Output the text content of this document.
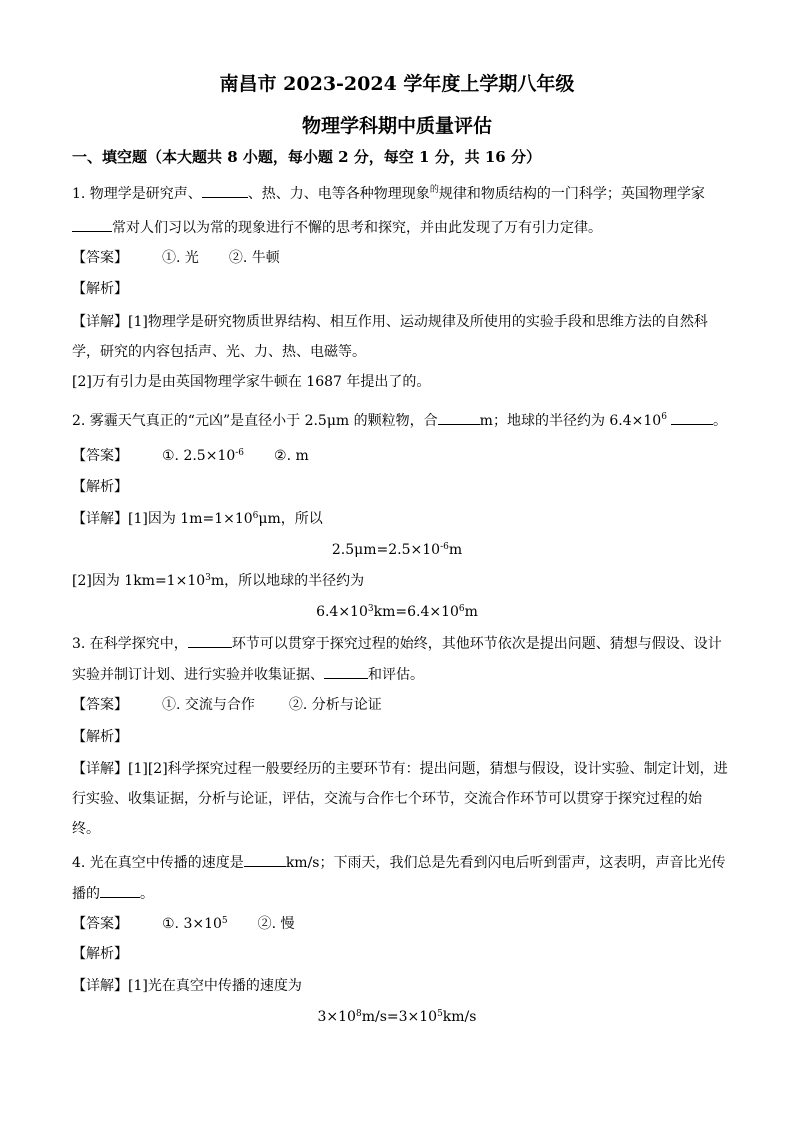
南昌市 2023-2024 学年度上学期八年级
物理学科期中质量评估
一、填空题（本大题共 8 小题，每小题 2 分，每空 1 分，共 16 分）
1. 物理学是研究声、	、热、力、电等各种物理现象$^的$规律和物质结构的一门科学；英国物理学家
常对人们习以为常的现象进行不懈的思考和探究，并由此发现了万有引力定律。
【答案】 ①. 光 ②. 牛顿
【解析】
【详解】[1]物理学是研究物质世界结构、相互作用、运动规律及所使用的实验手段和思维方法的自然科
学，研究的内容包括声、光、力、热、电磁等。
[2]万有引力是由英国物理学家牛顿在 1687 年提出了的。
2. 雾霾天气真正的“元凶”是直径小于 2.5μm 的颗粒物，合	m；地球的半径约为 $6.4\times 10^6$	。
【答案】 ①. $2.5\times 10^{-6}$ ②. m
【解析】
【详解】[1]因为 $1m=1\times 10^6\mu m$，所以
$2.5\mu m=2.5\times 10^{-6}m$
[2]因为 $1km=1\times 10^3m$，所以地球的半径约为
$6.4\times 10^3km=6.4\times 10^6m$
3. 在科学探究中，	环节可以贯穿于探究过程的始终，其他环节依次是提出问题、猜想与假设、设计
实验并制订计划、进行实验并收集证据、	和评估。
【答案】 ①. 交流与合作 ②. 分析与论证
【解析】
【详解】[1][2]科学探究过程一般要经历的主要环节有：提出问题，猜想与假设，设计实验、制定计划，进
行实验、收集证据，分析与论证，评估，交流与合作七个环节，交流合作环节可以贯穿于探究过程的始
终。
4. 光在真空中传播的速度是	km/s；下雨天，我们总是先看到闪电后听到雷声，这表明，声音比光传
播的	。
【答案】 ①. $3\times 10^5$ ②. 慢
【解析】
【详解】[1]光在真空中传播的速度为
$3\times 10^8m/s=3\times 10^5km/s$
